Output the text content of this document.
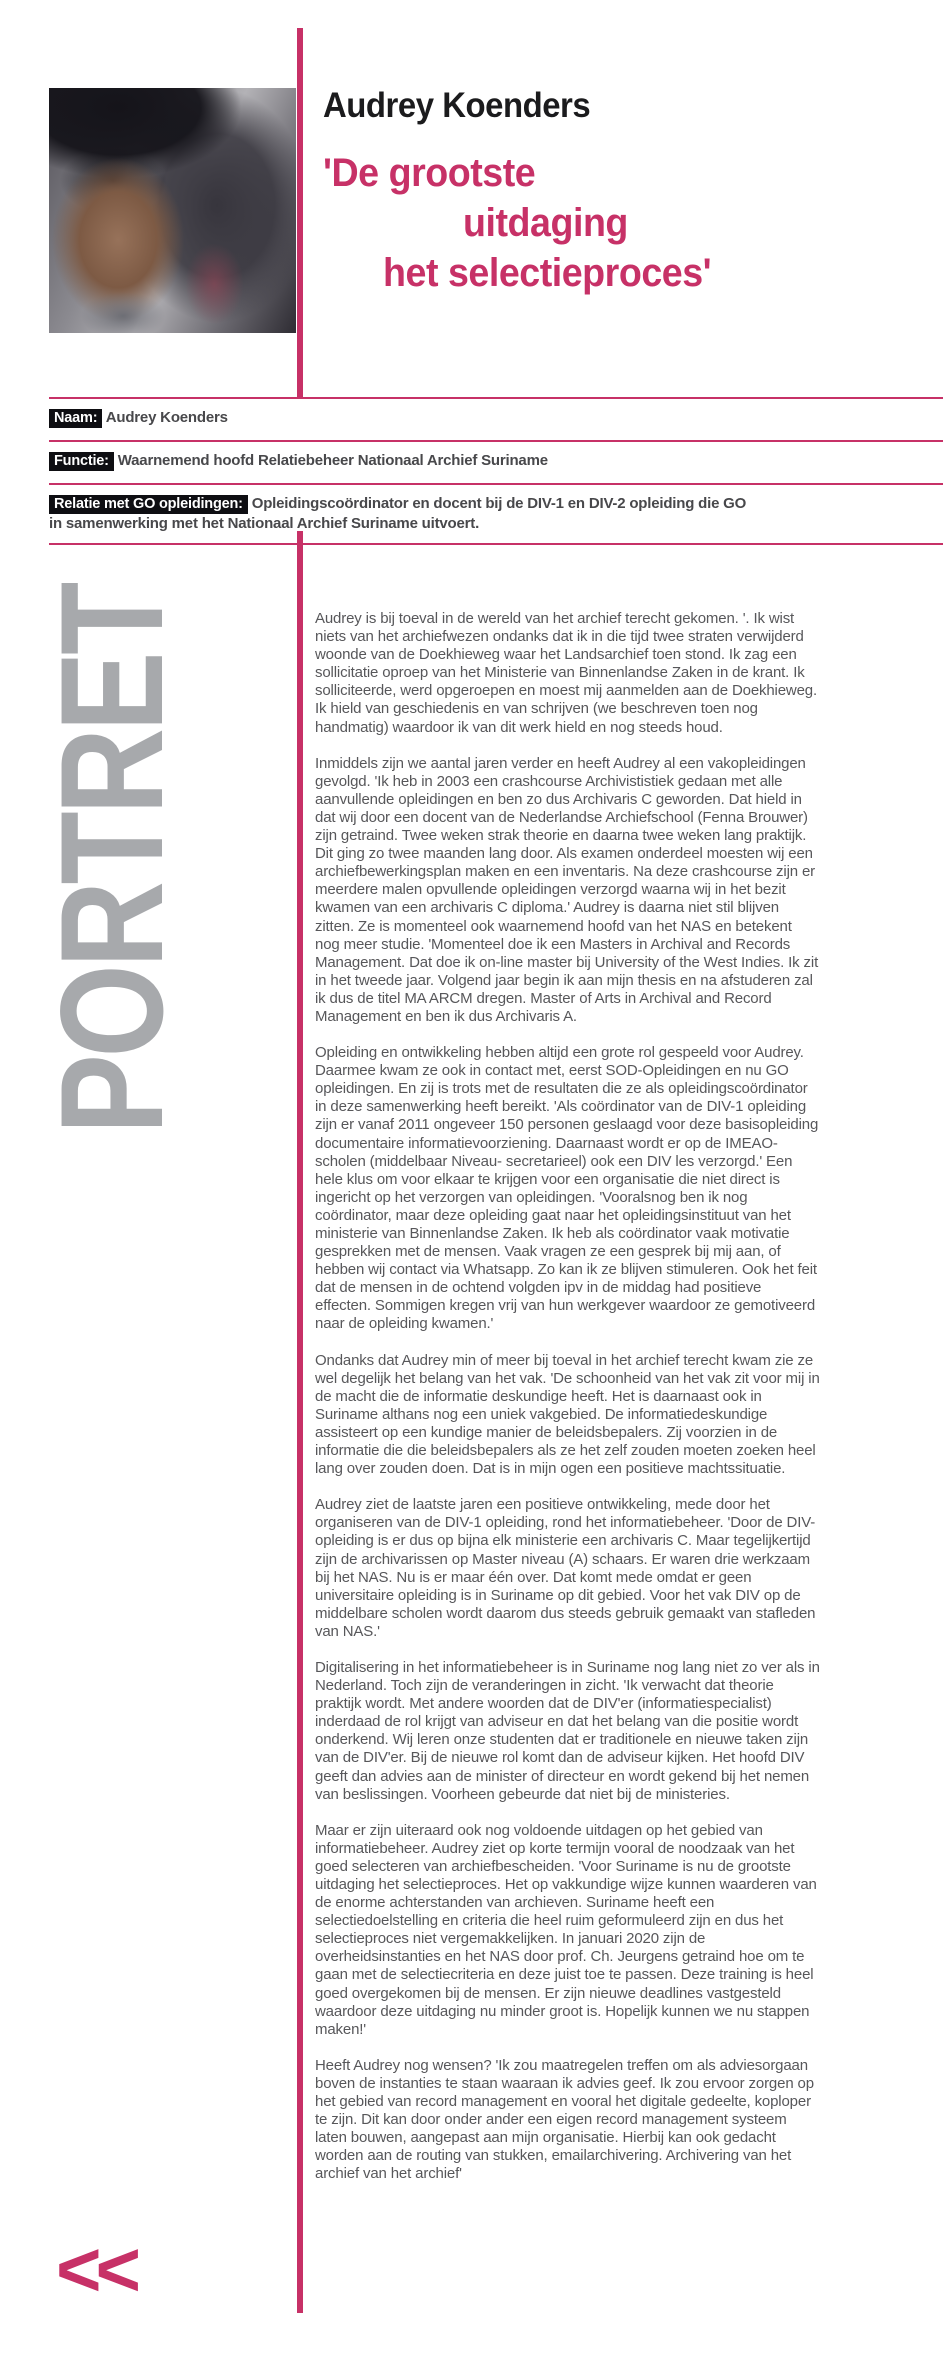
Audrey Koenders
'De grootste
uitdaging
het selectieproces'
Naam: Audrey Koenders
Functie: Waarnemend hoofd Relatiebeheer Nationaal Archief Suriname
Relatie met GO opleidingen: Opleidingscoördinator en docent bij de DIV-1 en DIV-2 opleiding die GO in samenwerking met het Nationaal Archief Suriname uitvoert.
PORTRET	Audrey is bij toeval in de wereld van het archief terecht gekomen. '. Ik wist niets van het archiefwezen ondanks dat ik in die tijd twee straten verwijderd woonde van de Doekhieweg waar het Landsarchief toen stond. Ik zag een sollicitatie oproep van het Ministerie van Binnenlandse Zaken in de krant. Ik solliciteerde, werd opgeroepen en moest mij aanmelden aan de Doekhieweg. Ik hield van geschiedenis en van schrijven (we beschreven toen nog handmatig) waardoor ik van dit werk hield en nog steeds houd.

Inmiddels zijn we aantal jaren verder en heeft Audrey al een vakopleidingen gevolgd. 'Ik heb in 2003 een crashcourse Archivististiek gedaan met alle aanvullende opleidingen en ben zo dus Archivaris C geworden. Dat hield in dat wij door een docent van de Nederlandse Archiefschool (Fenna Brouwer) zijn getraind. Twee weken strak theorie en daarna twee weken lang praktijk. Dit ging zo twee maanden lang door. Als examen onderdeel moesten wij een archiefbewerkingsplan maken en een inventaris. Na deze crashcourse zijn er meerdere malen opvullende opleidingen verzorgd waarna wij in het bezit kwamen van een archivaris C diploma.' Audrey is daarna niet stil blijven zitten. Ze is momenteel ook waarnemend hoofd van het NAS en betekent nog meer studie. 'Momenteel doe ik een Masters in Archival and Records Management. Dat doe ik on-line master bij University of the West Indies. Ik zit in het tweede jaar. Volgend jaar begin ik aan mijn thesis en na afstuderen zal ik dus de titel MA ARCM dregen. Master of Arts in Archival and Record Management en ben ik dus Archivaris A.

Opleiding en ontwikkeling hebben altijd een grote rol gespeeld voor Audrey. Daarmee kwam ze ook in contact met, eerst SOD-Opleidingen en nu GO opleidingen. En zij is trots met de resultaten die ze als opleidingscoördinator in deze samenwerking heeft bereikt. 'Als coördinator van de DIV-1 opleiding zijn er vanaf 2011 ongeveer 150 personen geslaagd voor deze basisopleiding documentaire informatievoorziening. Daarnaast wordt er op de IMEAO-scholen (middelbaar Niveau- secretarieel) ook een DIV les verzorgd.' Een hele klus om voor elkaar te krijgen voor een organisatie die niet direct is ingericht op het verzorgen van opleidingen. 'Vooralsnog ben ik nog coördinator, maar deze opleiding gaat naar het opleidingsinstituut van het ministerie van Binnenlandse Zaken. Ik heb als coördinator vaak motivatie gesprekken met de mensen. Vaak vragen ze een gesprek bij mij aan, of hebben wij contact via Whatsapp. Zo kan ik ze blijven stimuleren. Ook het feit dat de mensen in de ochtend volgden ipv in de middag had positieve effecten. Sommigen kregen vrij van hun werkgever waardoor ze gemotiveerd naar de opleiding kwamen.'

Ondanks dat Audrey min of meer bij toeval in het archief terecht kwam zie ze wel degelijk het belang van het vak. 'De schoonheid van het vak zit voor mij in de macht die de informatie deskundige heeft. Het is daarnaast ook in Suriname althans nog een uniek vakgebied. De informatiedeskundige assisteert op een kundige manier de beleidsbepalers. Zij voorzien in de informatie die die beleidsbepalers als ze het zelf zouden moeten zoeken heel lang over zouden doen. Dat is in mijn ogen een positieve machtssituatie.

Audrey ziet de laatste jaren een positieve ontwikkeling, mede door het organiseren van de DIV-1 opleiding, rond het informatiebeheer. 'Door de DIV-opleiding is er dus op bijna elk ministerie een archivaris C. Maar tegelijkertijd zijn de archivarissen op Master niveau (A) schaars. Er waren drie werkzaam bij het NAS. Nu is er maar één over. Dat komt mede omdat er geen universitaire opleiding is in Suriname op dit gebied. Voor het vak DIV op de middelbare scholen wordt daarom dus steeds gebruik gemaakt van stafleden van NAS.'

Digitalisering in het informatiebeheer is in Suriname nog lang niet zo ver als in Nederland. Toch zijn de veranderingen in zicht. 'Ik verwacht dat theorie praktijk wordt. Met andere woorden dat de DIV'er (informatiespecialist) inderdaad de rol krijgt van adviseur en dat het belang van die positie wordt onderkend. Wij leren onze studenten dat er traditionele en nieuwe taken zijn van de DIV'er. Bij de nieuwe rol komt dan de adviseur kijken. Het hoofd DIV geeft dan advies aan de minister of directeur en wordt gekend bij het nemen van beslissingen. Voorheen gebeurde dat niet bij de ministeries.

Maar er zijn uiteraard ook nog voldoende uitdagen op het gebied van informatiebeheer. Audrey ziet op korte termijn vooral de noodzaak van het goed selecteren van archiefbescheiden. 'Voor Suriname is nu de grootste uitdaging het selectieproces. Het op vakkundige wijze kunnen waarderen van de enorme achterstanden van archieven. Suriname heeft een selectiedoelstelling en criteria die heel ruim geformuleerd zijn en dus het selectieproces niet vergemakkelijken. In januari 2020 zijn de overheidsinstanties en het NAS door prof. Ch. Jeurgens getraind hoe om te gaan met de selectiecriteria en deze juist toe te passen. Deze training is heel goed overgekomen bij de mensen. Er zijn nieuwe deadlines vastgesteld waardoor deze uitdaging nu minder groot is. Hopelijk kunnen we nu stappen maken!'

Heeft Audrey nog wensen? 'Ik zou maatregelen treffen om als adviesorgaan boven de instanties te staan waaraan ik advies geef. Ik zou ervoor zorgen op het gebied van record management en vooral het digitale gedeelte, koploper te zijn. Dit kan door onder ander een eigen record management systeem laten bouwen, aangepast aan mijn organisatie. Hierbij kan ook gedacht worden aan de routing van stukken, emailarchivering. Archivering van het archief van het archief'

<<
